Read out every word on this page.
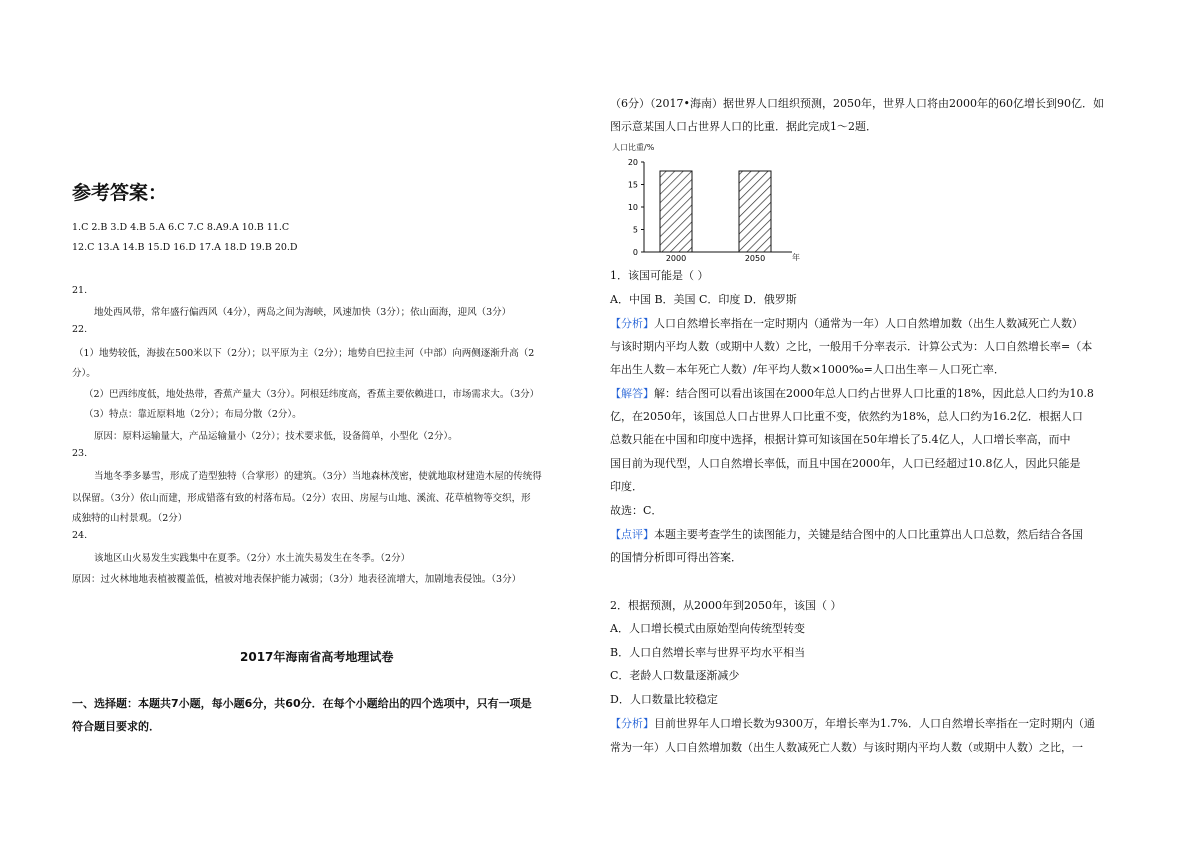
参考答案：
1.C 2.B 3.D 4.B 5.A 6.C 7.C 8.A9.A 10.B 11.C
12.C 13.A 14.B 15.D 16.D 17.A 18.D 19.B 20.D
21.
地处西风带，常年盛行偏西风（4分），两岛之间为海峡，风速加快（3分）；依山面海，迎风（3分）
22.
（1）地势较低，海拔在500米以下（2分）；以平原为主（2分）；地势自巴拉圭河（中部）向两侧逐渐升高（2
分）。
（2）巴西纬度低，地处热带，香蕉产量大（3分）。阿根廷纬度高，香蕉主要依赖进口，市场需求大。（3分）
（3）特点：靠近原料地（2分）；布局分散（2分）。
原因：原料运输量大，产品运输量小（2分）；技术要求低，设备简单，小型化（2分）。
23.
当地冬季多暴雪，形成了造型独特（合掌形）的建筑。（3分）当地森林茂密，使就地取材建造木屋的传统得
以保留。（3分）依山而建，形成错落有致的村落布局。（2分）农田、房屋与山地、溪流、花草植物等交织，形
成独特的山村景观。（2分）
24.
该地区山火易发生实践集中在夏季。（2分）水土流失易发生在冬季。（2分）
原因：过火林地地表植被覆盖低，植被对地表保护能力减弱；（3分）地表径流增大，加剧地表侵蚀。（3分）
2017年海南省高考地理试卷
一、选择题：本题共7小题，每小题6分，共60分．在每个小题给出的四个选项中，只有一项是
符合题目要求的．
（6分）（2017•海南）据世界人口组织预测，2050年，世界人口将由2000年的60亿增长到90亿．如
图示意某国人口占世界人口的比重．据此完成1～2题．
人口比重/%
0
5
10
15
20
2000	2050	年
1．该国可能是（ ）
A．中国 B．美国 C．印度 D．俄罗斯
【分析】人口自然增长率指在一定时期内（通常为一年）人口自然增加数（出生人数减死亡人数）
与该时期内平均人数（或期中人数）之比，一般用千分率表示．计算公式为：人口自然增长率=（本
年出生人数－本年死亡人数）/年平均人数×1000‰=人口出生率－人口死亡率．
【解答】解：结合图可以看出该国在2000年总人口约占世界人口比重的18%，因此总人口约为10.8
亿，在2050年，该国总人口占世界人口比重不变，依然约为18%，总人口约为16.2亿．根据人口
总数只能在中国和印度中选择，根据计算可知该国在50年增长了5.4亿人，人口增长率高，而中
国目前为现代型，人口自然增长率低，而且中国在2000年，人口已经超过10.8亿人，因此只能是
印度．
故选：C．
【点评】本题主要考查学生的读图能力，关键是结合图中的人口比重算出人口总数，然后结合各国
的国情分析即可得出答案．
2．根据预测，从2000年到2050年，该国（ ）
A．人口增长模式由原始型向传统型转变
B．人口自然增长率与世界平均水平相当
C．老龄人口数量逐渐减少
D．人口数量比较稳定
【分析】目前世界年人口增长数为9300万，年增长率为1.7%．人口自然增长率指在一定时期内（通
常为一年）人口自然增加数（出生人数减死亡人数）与该时期内平均人数（或期中人数）之比，一
